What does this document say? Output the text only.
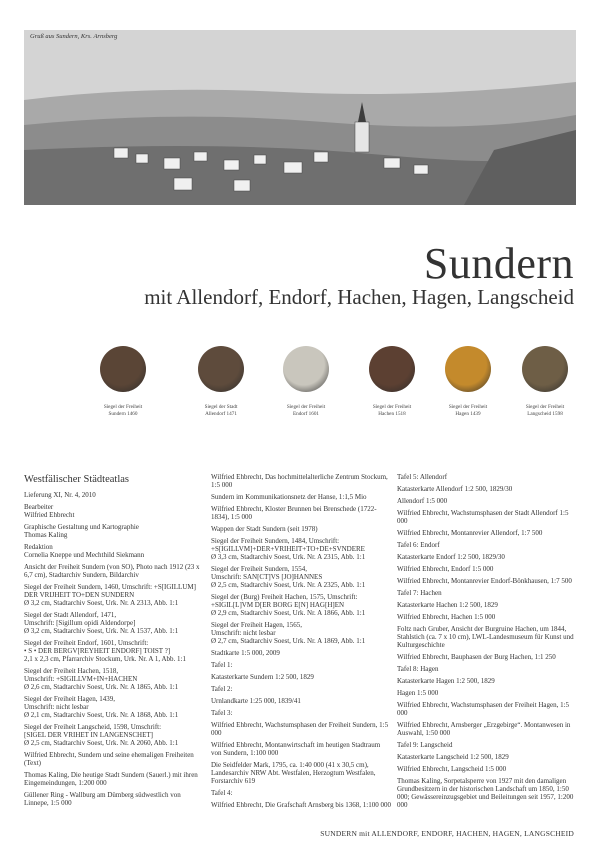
Gruß aus Sundern, Krs. Arnsberg
Sundern
mit Allendorf, Endorf, Hachen, Hagen, Langscheid
Siegel der Freiheit
Sundern 1460
Siegel der Stadt
Allendorf 1471
Siegel der Freiheit
Endorf 1601
Siegel der Freiheit
Hachen 1518
Siegel der Freiheit
Hagen 1439
Siegel der Freiheit
Langscheid 1598

Westfälischer Städteatlas

Lieferung XI, Nr. 4, 2010

Bearbeiter
Wilfried Ehbrecht

Graphische Gestaltung und Kartographie
Thomas Kaling

Redaktion
Cornelia Kneppe und Mechthild Siekmann

Ansicht der Freiheit Sundern (von SO), Photo nach 1912 (23 x 6,7 cm), Stadtarchiv Sundern, Bildarchiv

Siegel der Freiheit Sundern, 1460, Umschrift: +S[IGILLUM] DER VRIJHEIT TO+DEN SUNDERN
Ø 3,2 cm, Stadtarchiv Soest, Urk. Nr. A 2313, Abb. 1:1

Siegel der Stadt Allendorf, 1471,
Umschrift: [Sigillum opidi Aldendorpe]
Ø 3,2 cm, Stadtarchiv Soest, Urk. Nr. A 1537, Abb. 1:1

Siegel der Freiheit Endorf, 1601, Umschrift:
• S • DER BERGV[REYHEIT ENDORF] TOIST ?]
2,1 x 2,3 cm, Pfarrarchiv Stockum, Urk. Nr. A 1, Abb. 1:1

Siegel der Freiheit Hachen, 1518,
Umschrift: +SIGILLVM+IN+HACHEN
Ø 2,6 cm, Stadtarchiv Soest, Urk. Nr. A 1865, Abb. 1:1

Siegel der Freiheit Hagen, 1439,
Umschrift: nicht lesbar
Ø 2,1 cm, Stadtarchiv Soest, Urk. Nr. A 1868, Abb. 1:1

Siegel der Freiheit Langscheid, 1598, Umschrift:
[SIGEL DER VRIHET IN LANGENSCHET]
Ø 2,5 cm, Stadtarchiv Soest, Urk. Nr. A 2060, Abb. 1:1

Wilfried Ehbrecht, Sundern und seine ehemaligen Freiheiten (Text)

Thomas Kaling, Die heutige Stadt Sundern (Sauerl.) mit ihren Eingemeindungen, 1:200 000

Güllener Ring - Wallburg am Dümberg südwestlich von Linnepe, 1:5 000

Wilfried Ehbrecht, Das hochmittelalterliche Zentrum Stockum, 1:5 000

Sundern im Kommunikationsnetz der Hanse, 1:1,5 Mio

Wilfried Ehbrecht, Kloster Brunnen bei Brenschede (1722-1834), 1:5 000

Wappen der Stadt Sundern (seit 1978)

Siegel der Freiheit Sundern, 1484, Umschrift:
+S[IGILLVM]+DER+VRIHEIT+TO+DE+SVNDERE
Ø 3,3 cm, Stadtarchiv Soest, Urk. Nr. A 2315, Abb. 1:1

Siegel der Freiheit Sundern, 1554,
Umschrift: SAN[CT]VS [JO]HANNES
Ø 2,5 cm, Stadtarchiv Soest, Urk. Nr. A 2325, Abb. 1:1

Siegel der (Burg) Freiheit Hachen, 1575, Umschrift:
+SIGIL[L]VM D[ER BORG E[N] HAG[H]EN
Ø 2,9 cm, Stadtarchiv Soest, Urk. Nr. A 1866, Abb. 1:1

Siegel der Freiheit Hagen, 1565,
Umschrift: nicht lesbar
Ø 2,7 cm, Stadtarchiv Soest, Urk. Nr. A 1869, Abb. 1:1

Stadtkarte 1:5 000, 2009

Tafel 1:

Katasterkarte Sundern 1:2 500, 1829

Tafel 2:

Urnlandkarte 1:25 000, 1839/41

Tafel 3:

Wilfried Ehbrecht, Wachstumsphasen der Freiheit Sundern, 1:5 000

Wilfried Ehbrecht, Montanwirtschaft im heutigen Stadtraum von Sundern, 1:100 000

Die Seidfelder Mark, 1795, ca. 1:40 000 (41 x 30,5 cm), Landesarchiv NRW Abt. Westfalen, Herzogtum Westfalen, Forstarchiv 619

Tafel 4:

Wilfried Ehbrecht, Die Grafschaft Arnsberg bis 1368, 1:100 000

Tafel 5: Allendorf

Katasterkarte Allendorf 1:2 500, 1829/30

Allendorf 1:5 000

Wilfried Ehbrecht, Wachstumsphasen der Stadt Allendorf 1:5 000

Wilfried Ehbrecht, Montanrevier Allendorf, 1:7 500

Tafel 6: Endorf

Katasterkarte Endorf 1:2 500, 1829/30

Wilfried Ehbrecht, Endorf 1:5 000

Wilfried Ehbrecht, Montanrevier Endorf-Bönkhausen, 1:7 500

Tafel 7: Hachen

Katasterkarte Hachen 1:2 500, 1829

Wilfried Ehbrecht, Hachen 1:5 000

Foltz nach Gruber, Ansicht der Burgruine Hachen, um 1844, Stahlstich (ca. 7 x 10 cm), LWL-Landesmuseum für Kunst und Kulturgeschichte

Wilfried Ehbrecht, Bauphasen der Burg Hachen, 1:1 250

Tafel 8: Hagen

Katasterkarte Hagen 1:2 500, 1829

Hagen 1:5 000

Wilfried Ehbrecht, Wachstumsphasen der Freiheit Hagen, 1:5 000

Wilfried Ehbrecht, Arnsberger „Erzgebirge“. Montanwesen in Auswahl, 1:50 000

Tafel 9: Langscheid

Katasterkarte Langscheid 1:2 500, 1829

Wilfried Ehbrecht, Langscheid 1:5 000

Thomas Kaling, Sorpetalsperre von 1927 mit den damaligen Grundbesitzern in der historischen Landschaft um 1850, 1:50 000; Gewässereinzugsgebiet und Beileitungen seit 1957, 1:200 000

SUNDERN mit ALLENDORF, ENDORF, HACHEN, HAGEN, LANGSCHEID
